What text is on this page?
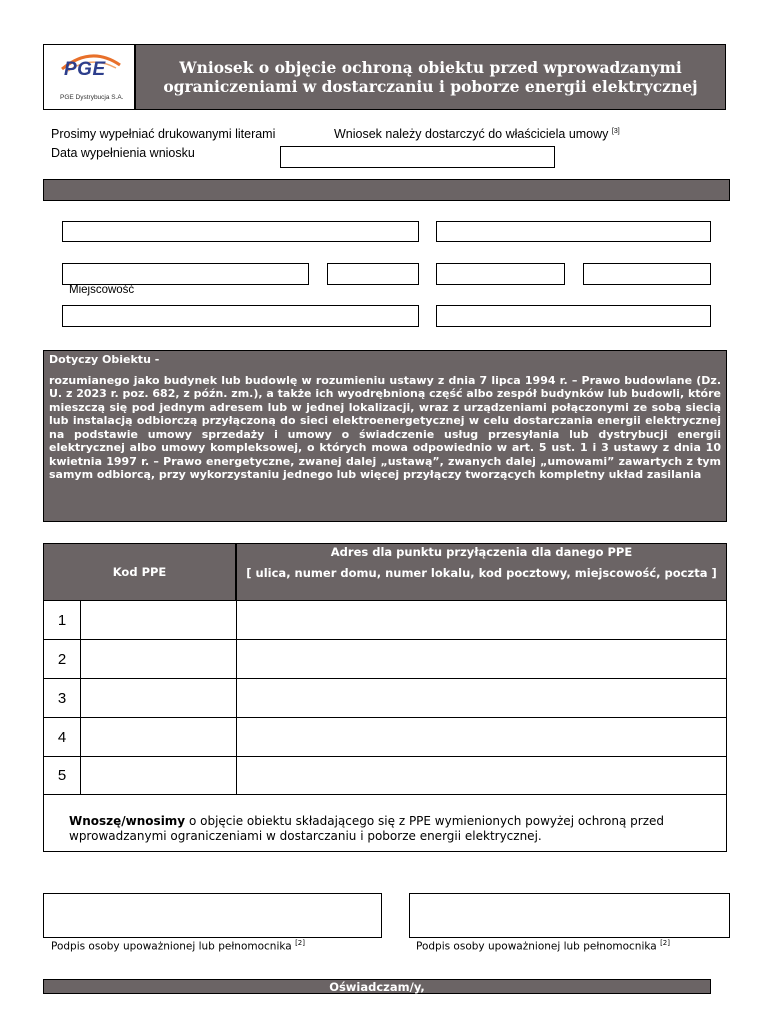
PGE
PGE Dystrybucja S.A.
Wniosek o objęcie ochroną obiektu przed wprowadzanymi
ograniczeniami w dostarczaniu i poborze energii elektrycznej
Prosimy wypełniać drukowanymi literami	Wniosek należy dostarczyć do właściciela umowy [3]
Data wypełnienia wniosku
Miejscowość
Dotyczy Obiektu -
rozumianego jako budynek lub budowlę w rozumieniu ustawy z dnia 7 lipca 1994 r. – Prawo budowlane (Dz. U. z 2023 r. poz. 682, z późn. zm.), a także ich wyodrębnioną część albo zespół budynków lub budowli, które mieszczą się pod jednym adresem lub w jednej lokalizacji, wraz z urządzeniami połączonymi ze sobą siecią lub instalacją odbiorczą przyłączoną do sieci elektroenergetycznej w celu dostarczania energii elektrycznej na podstawie umowy sprzedaży i umowy o świadczenie usług przesyłania lub dystrybucji energii elektrycznej albo umowy kompleksowej, o których mowa odpowiednio w art. 5 ust. 1 i 3 ustawy z dnia 10 kwietnia 1997 r. – Prawo energetyczne, zwanej dalej „ustawą”, zwanych dalej „umowami” zawartych z tym samym odbiorcą, przy wykorzystaniu jednego lub więcej przyłączy tworzących kompletny układ zasilania
Kod PPE
Adres dla punktu przyłączenia dla danego PPE
[ ulica, numer domu, numer lokalu, kod pocztowy, miejscowość, poczta ]
1
2
3
4
5
Wnoszę/wnosimy o objęcie obiektu składającego się z PPE wymienionych powyżej ochroną przed wprowadzanymi ograniczeniami w dostarczaniu i poborze energii elektrycznej.
Podpis osoby upoważnionej lub pełnomocnika [2]	Podpis osoby upoważnionej lub pełnomocnika [2]
Oświadczam/y,
